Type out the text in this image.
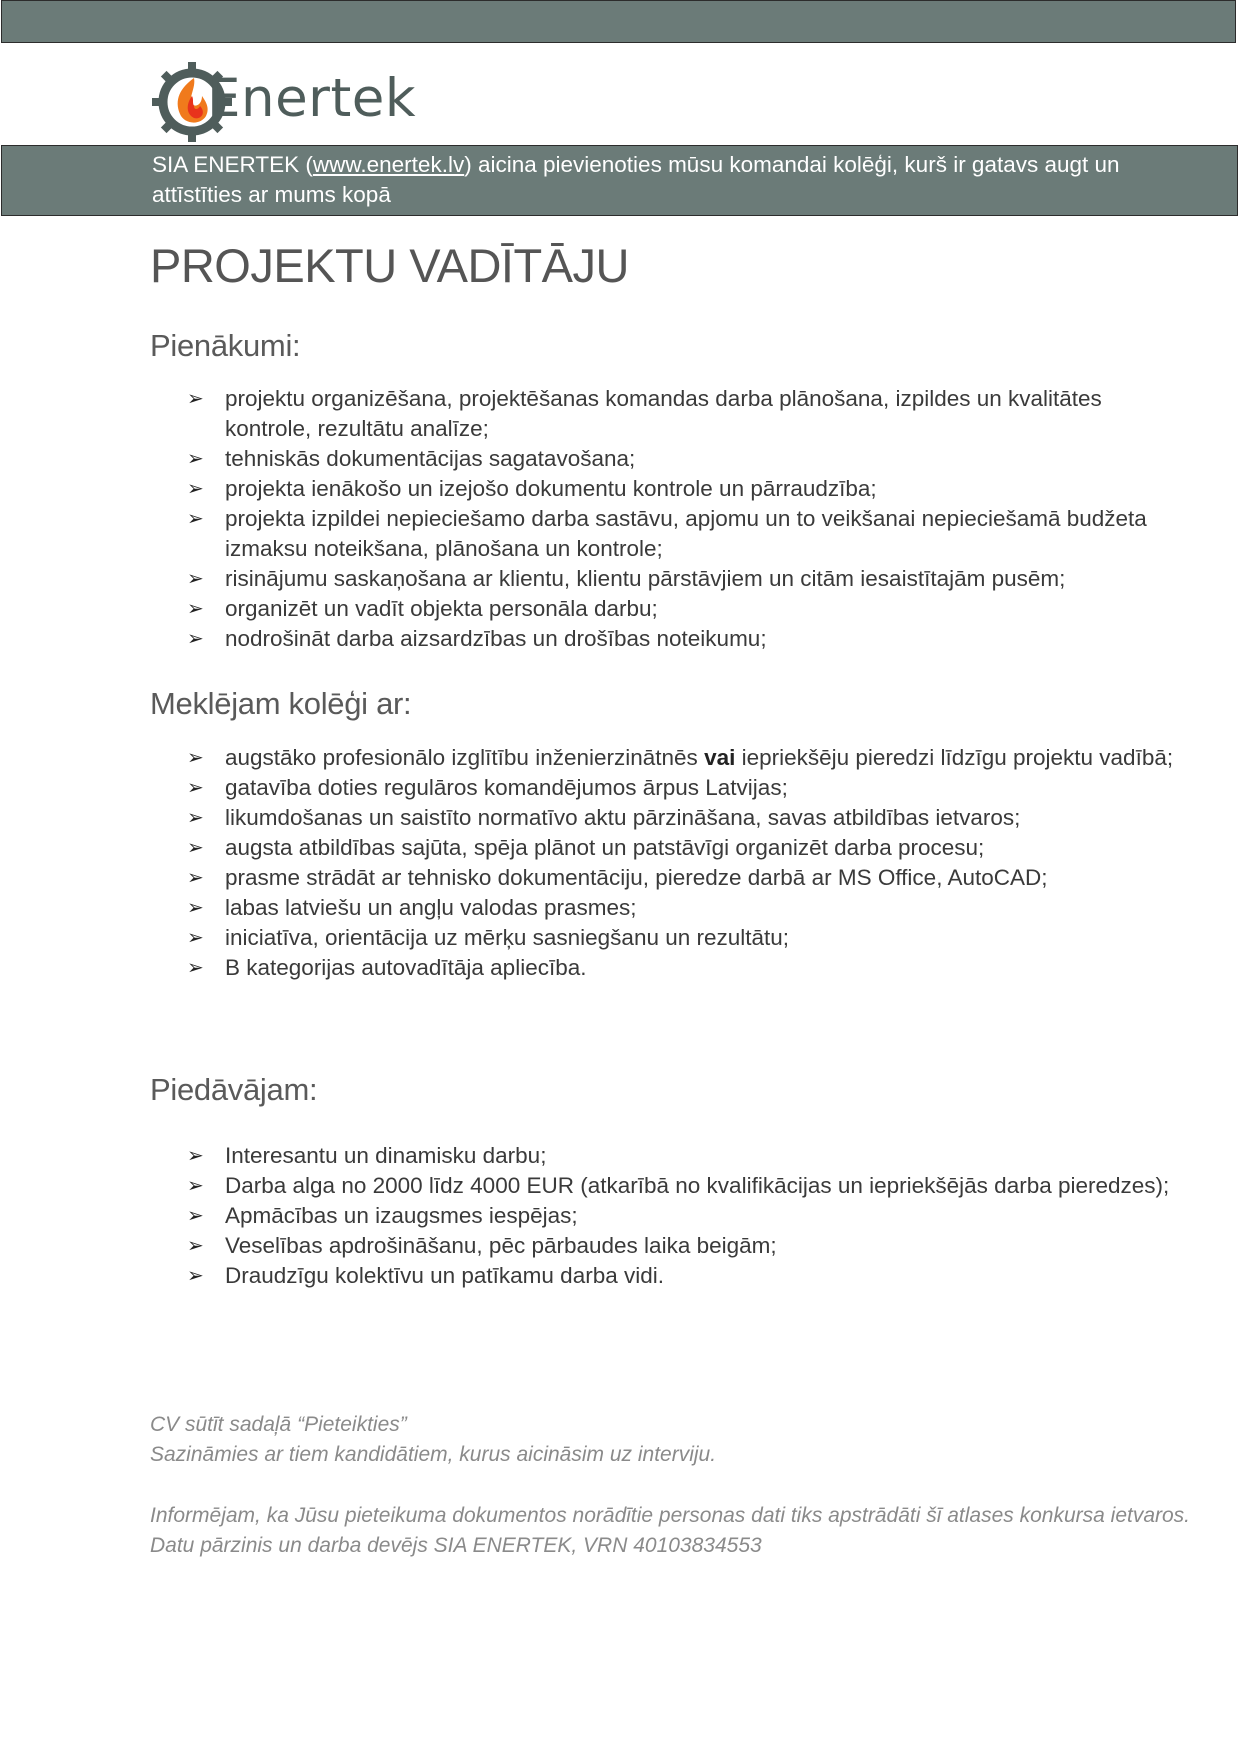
Enertek
SIA ENERTEK (www.enertek.lv) aicina pievienoties mūsu komandai kolēģi, kurš ir gatavs augt un attīstīties ar mums kopā
PROJEKTU VADĪTĀJU
Pienākumi:
➢ projektu organizēšana, projektēšanas komandas darba plānošana, izpildes un kvalitātes kontrole, rezultātu analīze;
➢ tehniskās dokumentācijas sagatavošana;
➢ projekta ienākošo un izejošo dokumentu kontrole un pārraudzība;
➢ projekta izpildei nepieciešamo darba sastāvu, apjomu un to veikšanai nepieciešamā budžeta izmaksu noteikšana, plānošana un kontrole;
➢ risinājumu saskaņošana ar klientu, klientu pārstāvjiem un citām iesaistītajām pusēm;
➢ organizēt un vadīt objekta personāla darbu;
➢ nodrošināt darba aizsardzības un drošības noteikumu;
Meklējam kolēģi ar:
➢ augstāko profesionālo izglītību inženierzinātnēs vai iepriekšēju pieredzi līdzīgu projektu vadībā;
➢ gatavība doties regulāros komandējumos ārpus Latvijas;
➢ likumdošanas un saistīto normatīvo aktu pārzināšana, savas atbildības ietvaros;
➢ augsta atbildības sajūta, spēja plānot un patstāvīgi organizēt darba procesu;
➢ prasme strādāt ar tehnisko dokumentāciju, pieredze darbā ar MS Office, AutoCAD;
➢ labas latviešu un angļu valodas prasmes;
➢ iniciatīva, orientācija uz mērķu sasniegšanu un rezultātu;
➢ B kategorijas autovadītāja apliecība.
Piedāvājam:
➢ Interesantu un dinamisku darbu;
➢ Darba alga no 2000 līdz 4000 EUR (atkarībā no kvalifikācijas un iepriekšējās darba pieredzes);
➢ Apmācības un izaugsmes iespējas;
➢ Veselības apdrošināšanu, pēc pārbaudes laika beigām;
➢ Draudzīgu kolektīvu un patīkamu darba vidi.

CV sūtīt sadaļā “Pieteikties”
Sazināmies ar tiem kandidātiem, kurus aicināsim uz interviju.

Informējam, ka Jūsu pieteikuma dokumentos norādītie personas dati tiks apstrādāti šī atlases konkursa ietvaros. Datu pārzinis un darba devējs SIA ENERTEK, VRN 40103834553
